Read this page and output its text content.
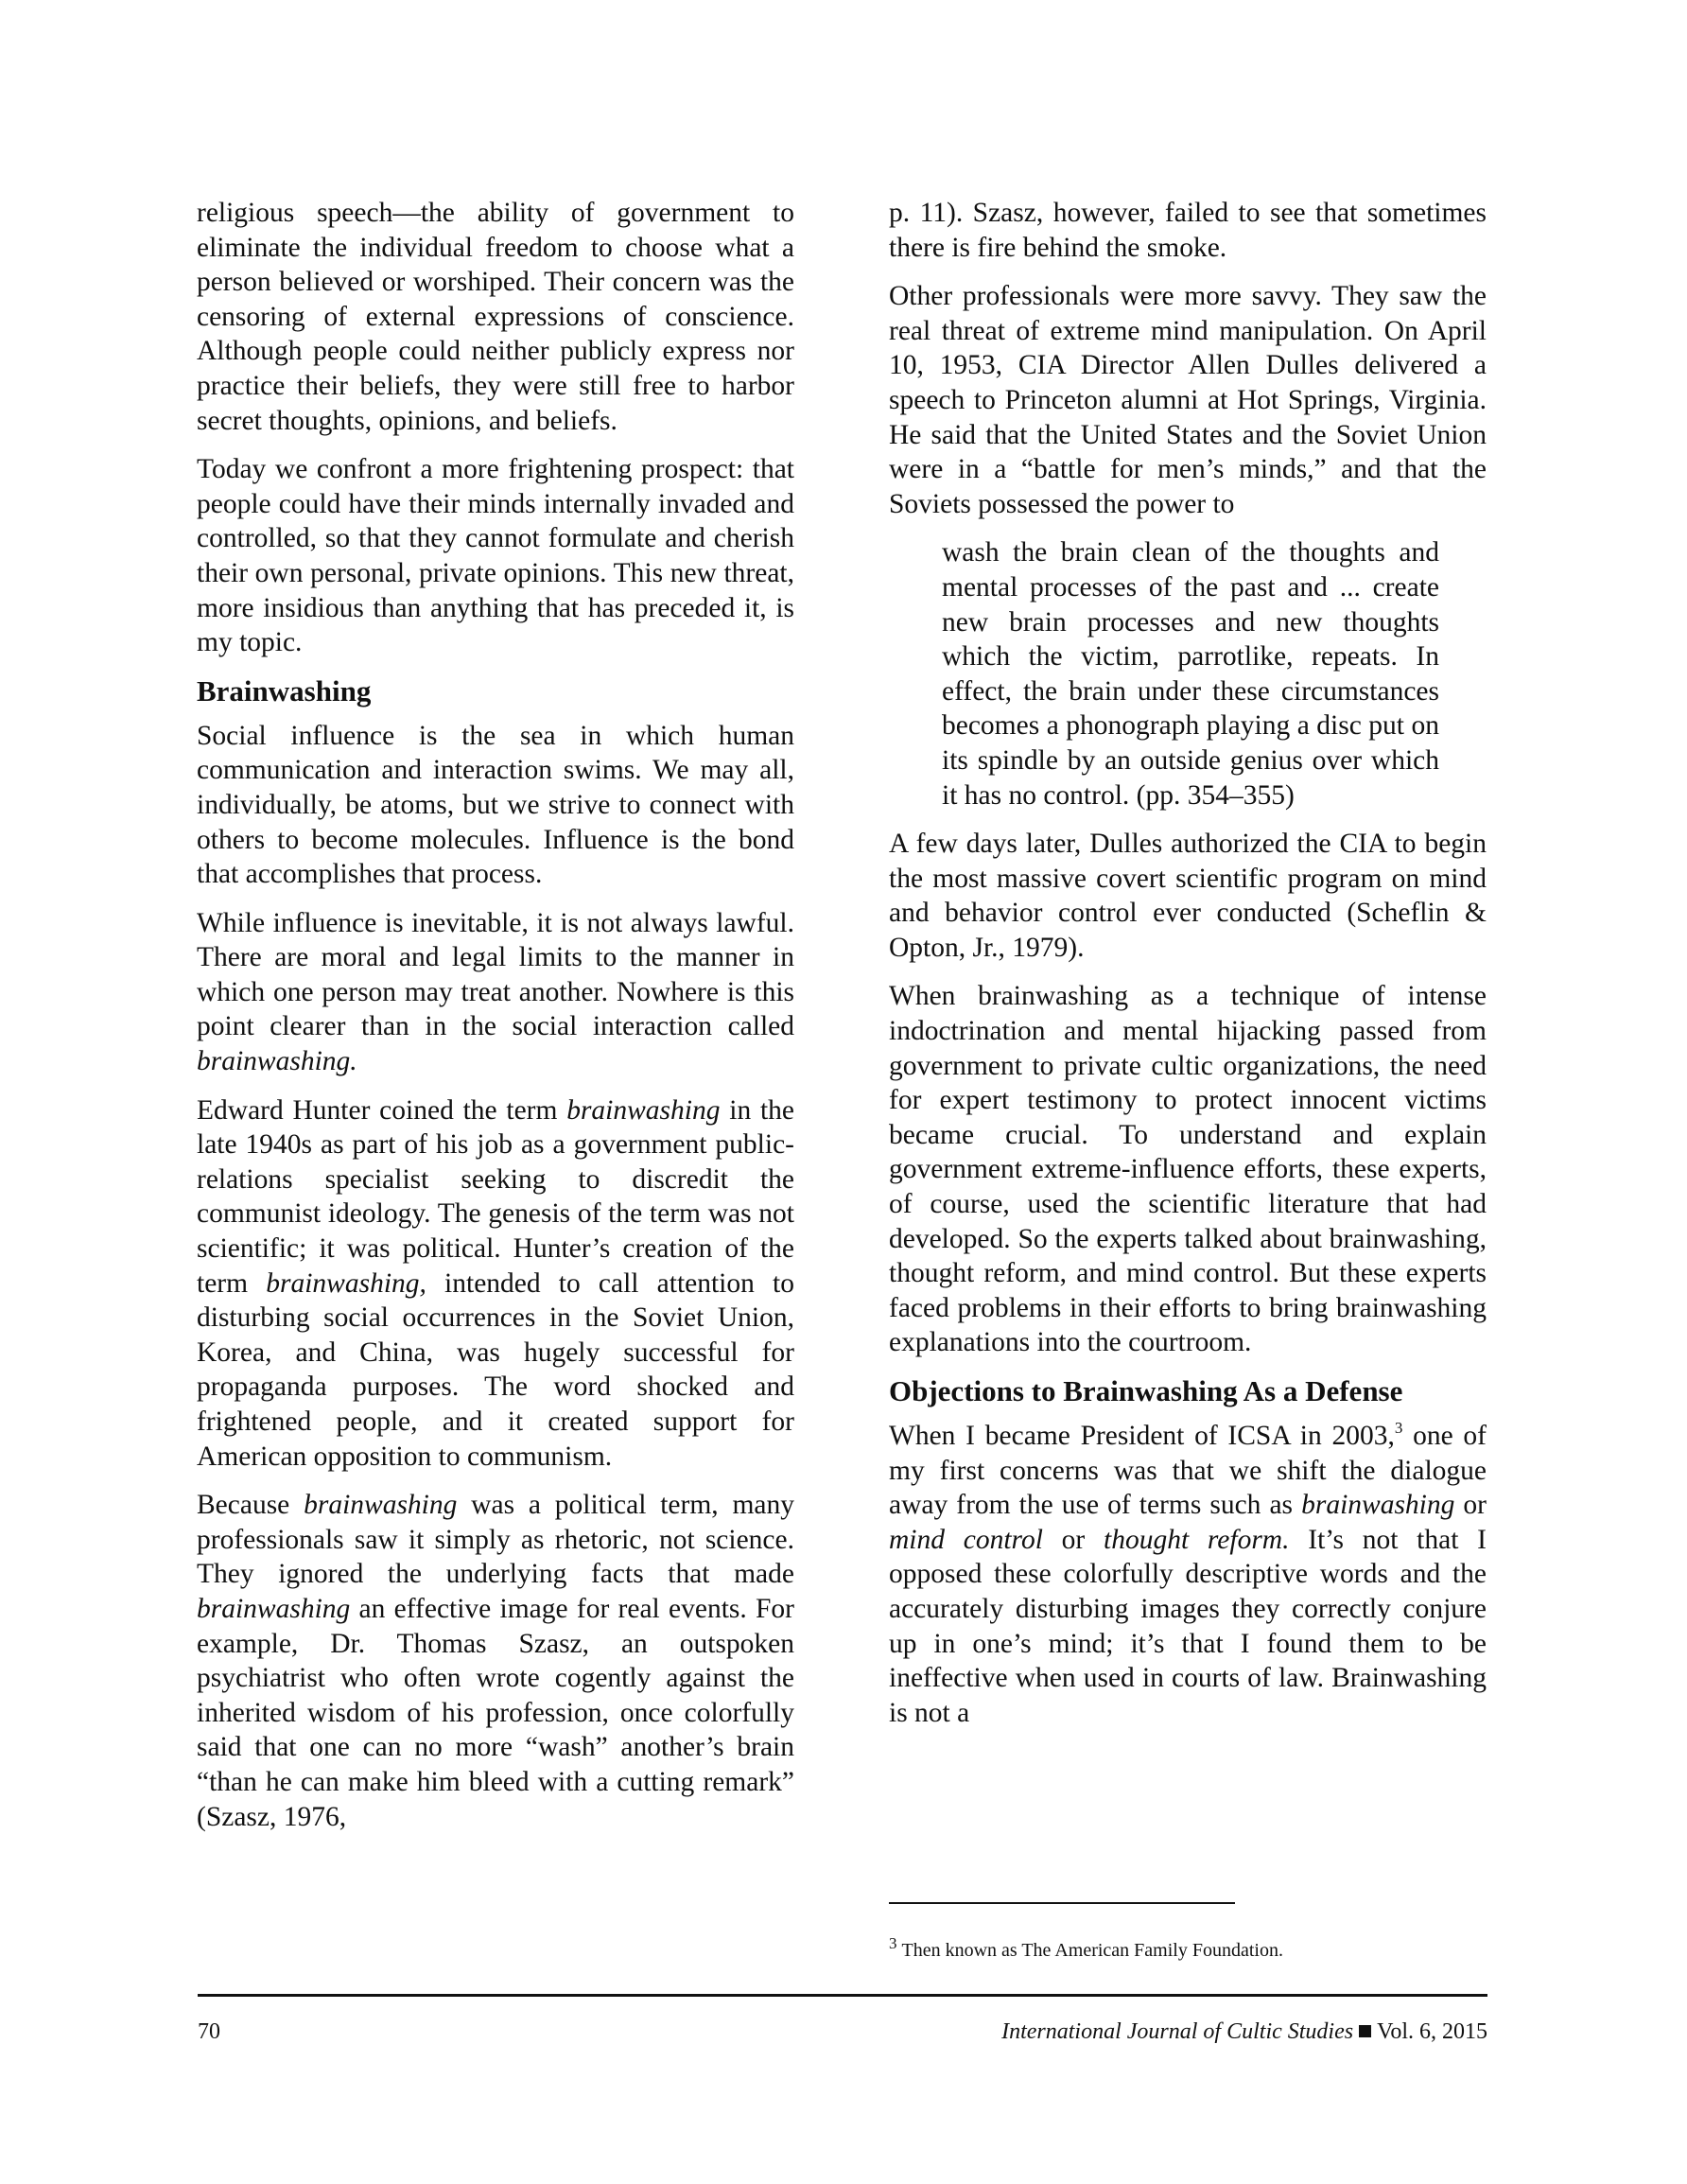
religious speech—the ability of government to eliminate the individual freedom to choose what a person believed or worshiped. Their concern was the censoring of external expressions of conscience. Although people could neither publicly express nor practice their beliefs, they were still free to harbor secret thoughts, opinions, and beliefs.

Today we confront a more frightening prospect: that people could have their minds internally invaded and controlled, so that they cannot formulate and cherish their own personal, private opinions. This new threat, more insidious than anything that has preceded it, is my topic.

Brainwashing

Social influence is the sea in which human communication and interaction swims. We may all, individually, be atoms, but we strive to connect with others to become molecules. Influence is the bond that accomplishes that process.

While influence is inevitable, it is not always lawful. There are moral and legal limits to the manner in which one person may treat another. Nowhere is this point clearer than in the social interaction called brainwashing.

Edward Hunter coined the term brainwashing in the late 1940s as part of his job as a government public-relations specialist seeking to discredit the communist ideology. The genesis of the term was not scientific; it was political. Hunter’s creation of the term brainwashing, intended to call attention to disturbing social occurrences in the Soviet Union, Korea, and China, was hugely successful for propaganda purposes. The word shocked and frightened people, and it created support for American opposition to communism.

Because brainwashing was a political term, many professionals saw it simply as rhetoric, not science. They ignored the underlying facts that made brainwashing an effective image for real events. For example, Dr. Thomas Szasz, an outspoken psychiatrist who often wrote cogently against the inherited wisdom of his profession, once colorfully said that one can no more “wash” another’s brain “than he can make him bleed with a cutting remark” (Szasz, 1976,

p. 11). Szasz, however, failed to see that sometimes there is fire behind the smoke.

Other professionals were more savvy. They saw the real threat of extreme mind manipulation. On April 10, 1953, CIA Director Allen Dulles delivered a speech to Princeton alumni at Hot Springs, Virginia. He said that the United States and the Soviet Union were in a “battle for men’s minds,” and that the Soviets possessed the power to

wash the brain clean of the thoughts and mental processes of the past and ... create new brain processes and new thoughts which the victim, parrotlike, repeats. In effect, the brain under these circumstances becomes a phonograph playing a disc put on its spindle by an outside genius over which it has no control. (pp. 354–355)

A few days later, Dulles authorized the CIA to begin the most massive covert scientific program on mind and behavior control ever conducted (Scheflin & Opton, Jr., 1979).

When brainwashing as a technique of intense indoctrination and mental hijacking passed from government to private cultic organizations, the need for expert testimony to protect innocent victims became crucial. To understand and explain government extreme-influence efforts, these experts, of course, used the scientific literature that had developed. So the experts talked about brainwashing, thought reform, and mind control. But these experts faced problems in their efforts to bring brainwashing explanations into the courtroom.

Objections to Brainwashing As a Defense

When I became President of ICSA in 2003,$^3$ one of my first concerns was that we shift the dialogue away from the use of terms such as brainwashing or mind control or thought reform. It’s not that I opposed these colorfully descriptive words and the accurately disturbing images they correctly conjure up in one’s mind; it’s that I found them to be ineffective when used in courts of law. Brainwashing is not a

$^3$ Then known as The American Family Foundation.
70	International Journal of Cultic Studies Vol. 6, 2015
